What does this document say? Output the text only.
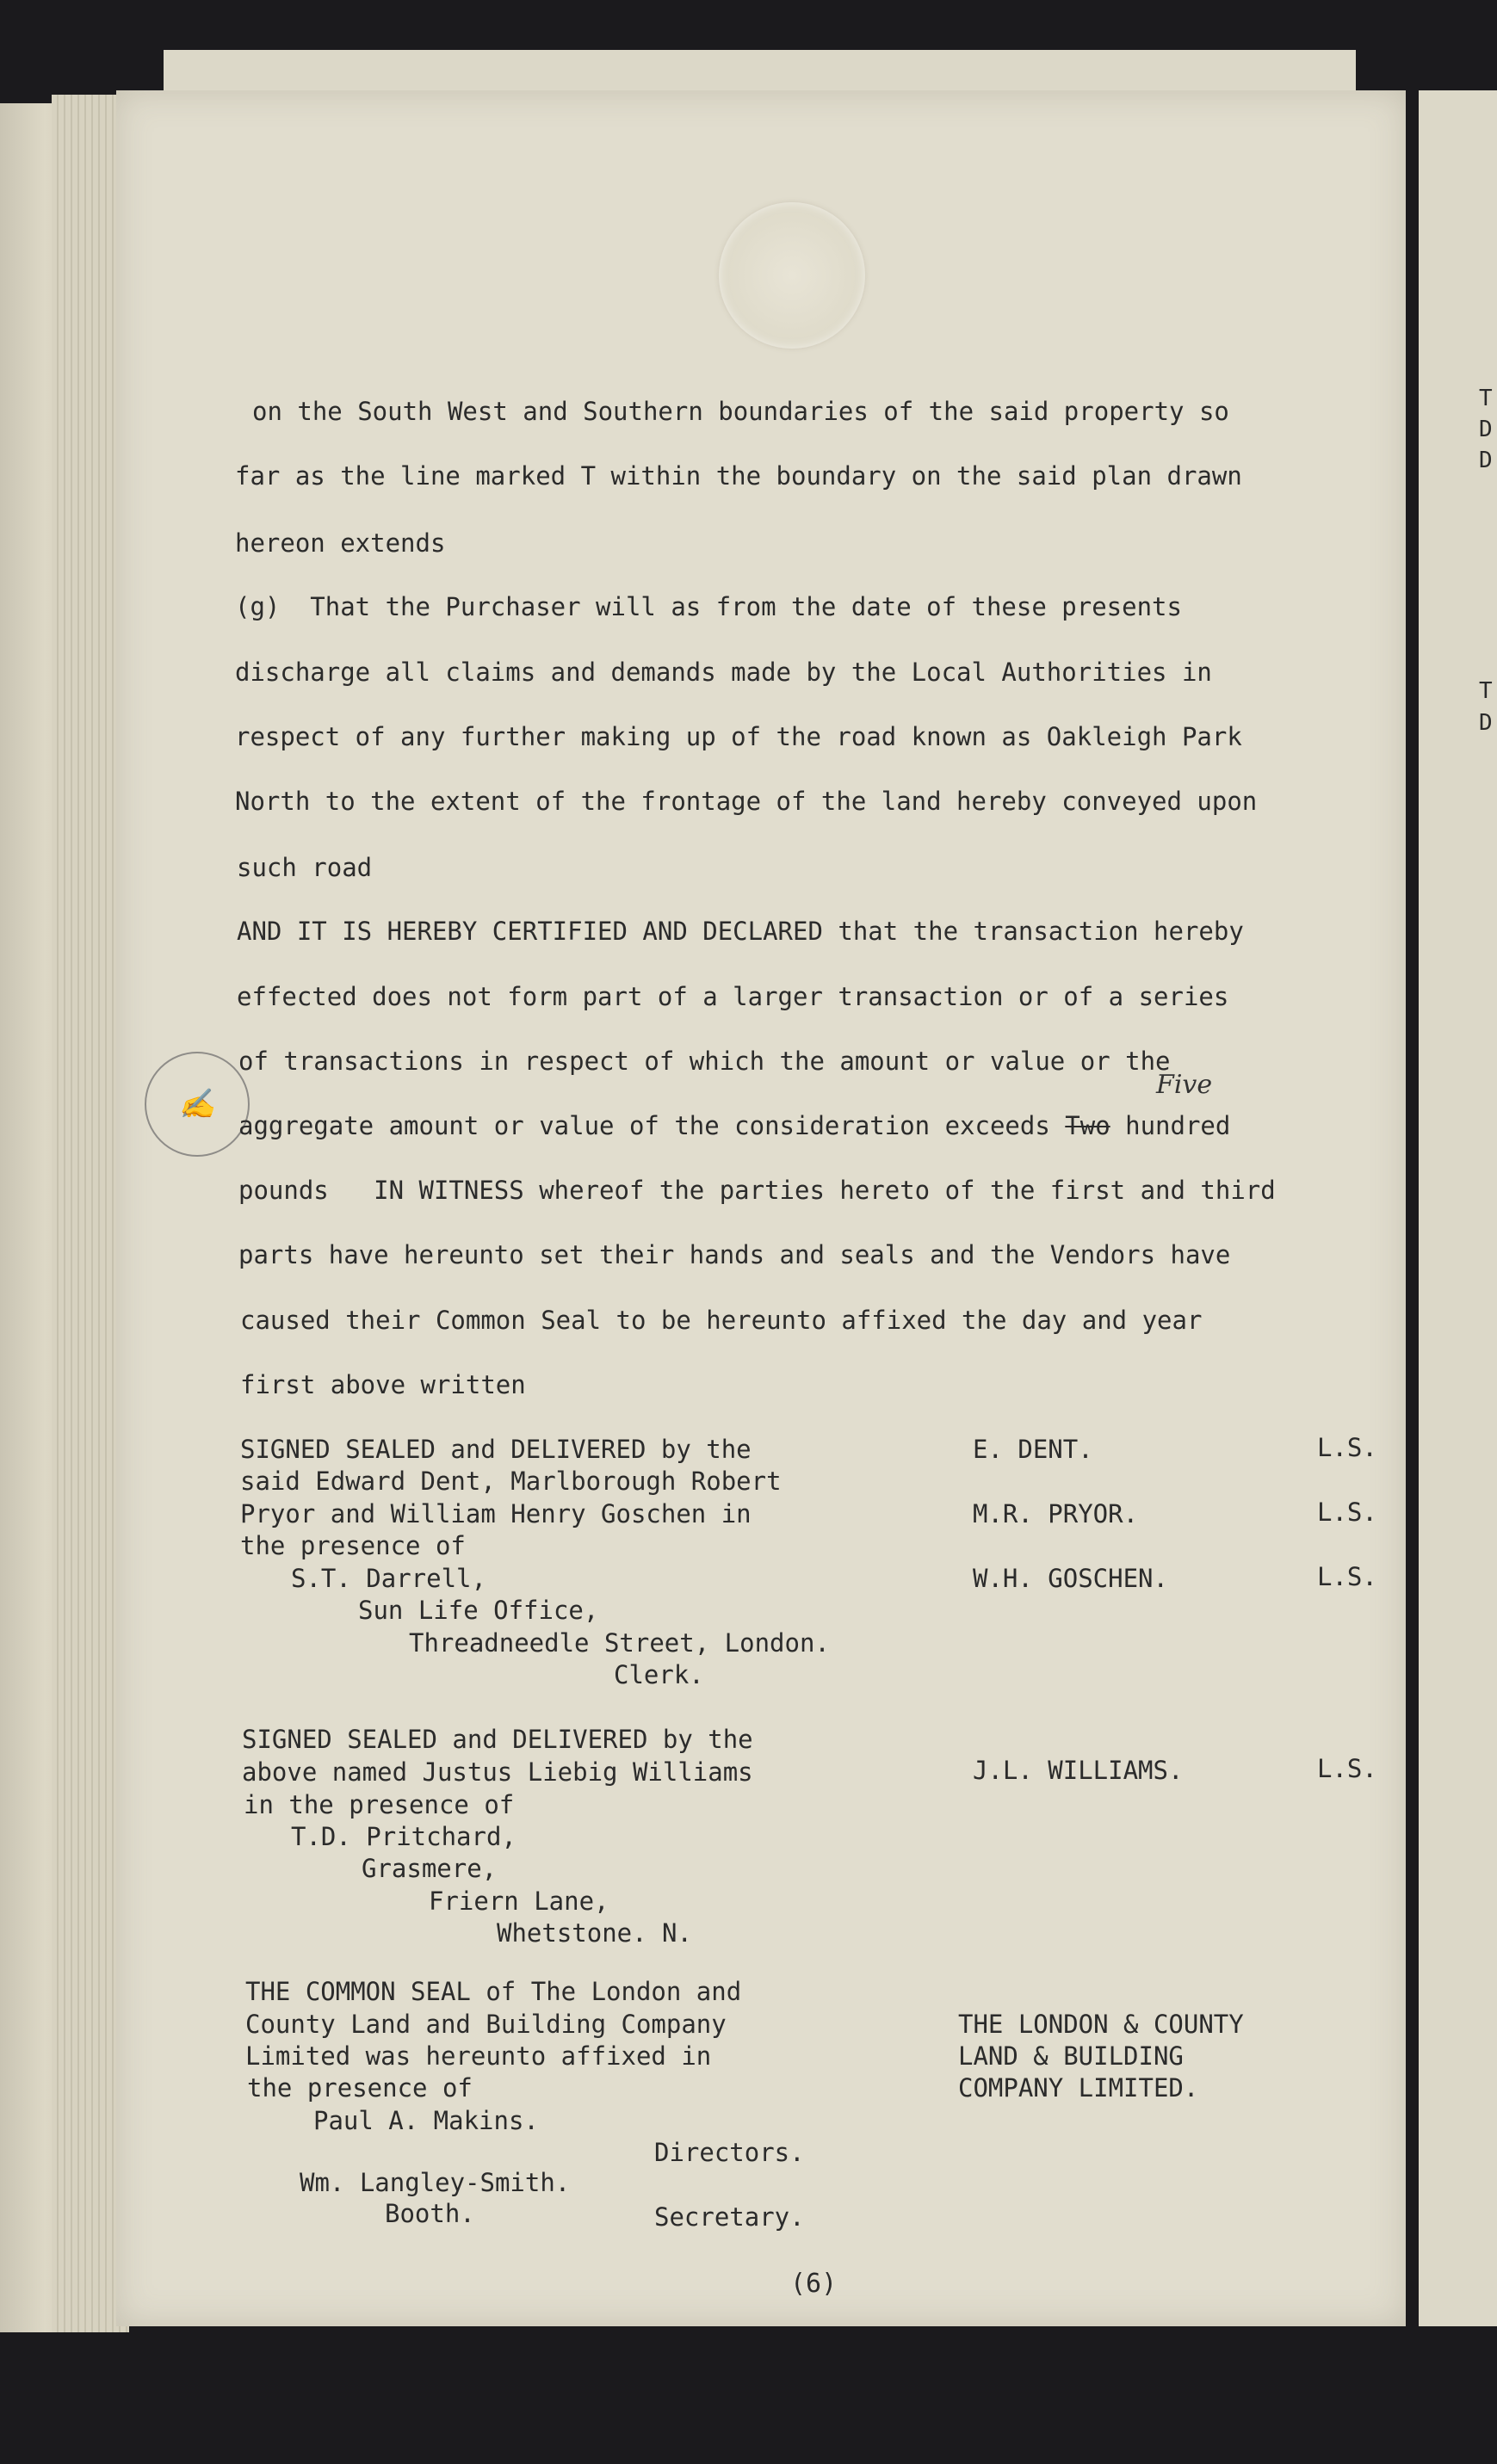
T
D
D
T
D
✍

on the South West and Southern boundaries of the said property so

far as the line marked T within the boundary on the said plan drawn

hereon extends

(g)  That the Purchaser will as from the date of these presents

discharge all claims and demands made by the Local Authorities in

respect of any further making up of the road known as Oakleigh Park

North to the extent of the frontage of the land hereby conveyed upon

such road

AND IT IS HEREBY CERTIFIED AND DECLARED that the transaction hereby

effected does not form part of a larger transaction or of a series

of transactions in respect of which the amount or value or the

aggregate amount or value of the consideration exceeds Two hundred

Five

pounds   IN WITNESS whereof the parties hereto of the first and third

parts have hereunto set their hands and seals and the Vendors have

caused their Common Seal to be hereunto affixed the day and year

first above written

SIGNED SEALED and DELIVERED by the

said Edward Dent, Marlborough Robert

Pryor and William Henry Goschen in

the presence of

S.T. Darrell,

Sun Life Office,

Threadneedle Street, London.

Clerk.

E. DENT.

M.R. PRYOR.

W.H. GOSCHEN.

L.S.

L.S.

L.S.

SIGNED SEALED and DELIVERED by the

above named Justus Liebig Williams

in the presence of

T.D. Pritchard,

Grasmere,

Friern Lane,

Whetstone. N.

J.L. WILLIAMS.	L.S.

THE COMMON SEAL of The London and

County Land and Building Company

Limited was hereunto affixed in

the presence of

Paul A. Makins.

Directors.

Wm. Langley-Smith.

Booth.	Secretary.

THE LONDON & COUNTY

LAND & BUILDING

COMPANY LIMITED.

(6)
